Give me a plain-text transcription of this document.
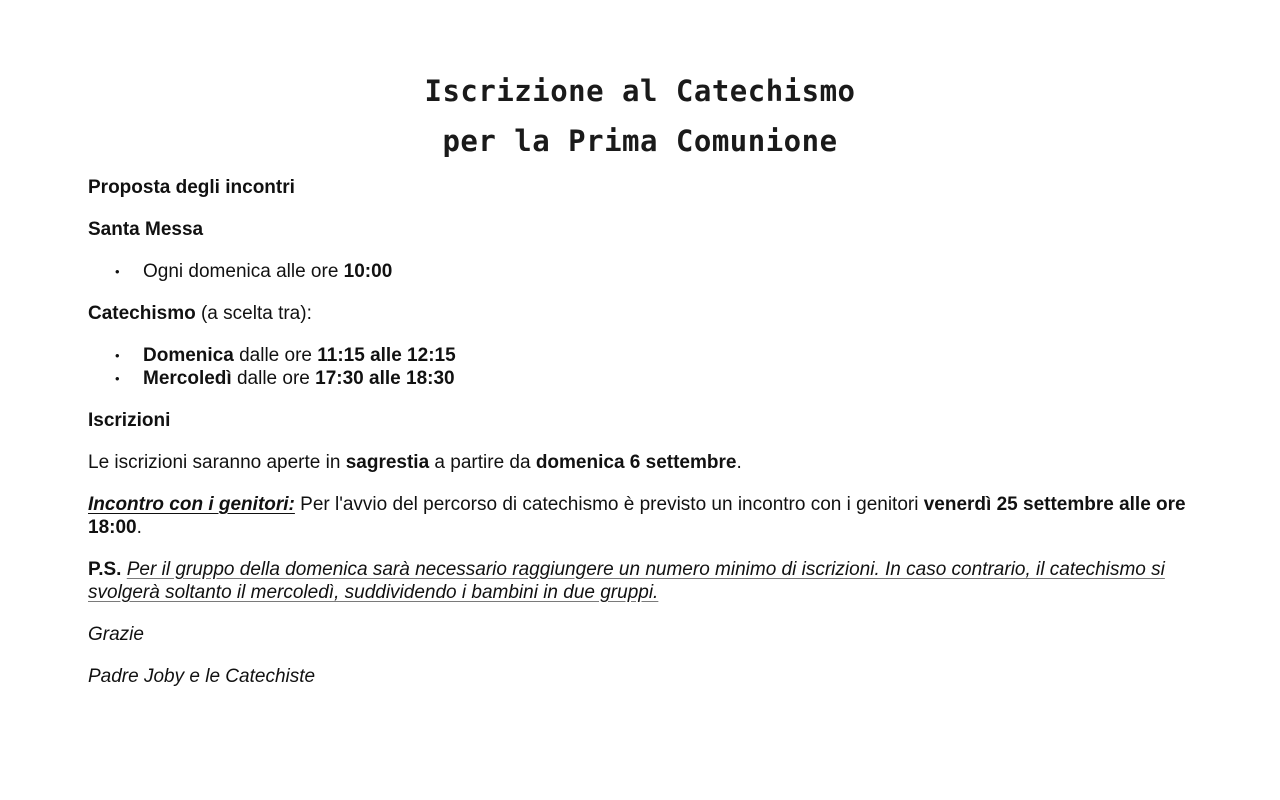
Iscrizione al Catechismo
per la Prima Comunione

Proposta degli incontri

Santa Messa

• Ogni domenica alle ore 10:00

Catechismo (a scelta tra):

• Domenica dalle ore 11:15 alle 12:15
• Mercoledì dalle ore 17:30 alle 18:30

Iscrizioni

Le iscrizioni saranno aperte in sagrestia a partire da domenica 6 settembre.

Incontro con i genitori: Per l'avvio del percorso di catechismo è previsto un incontro con i genitori venerdì 25 settembre alle ore 18:00.

P.S. Per il gruppo della domenica sarà necessario raggiungere un numero minimo di iscrizioni. In caso contrario, il catechismo si svolgerà soltanto il mercoledì, suddividendo i bambini in due gruppi.

Grazie

Padre Joby e le Catechiste
